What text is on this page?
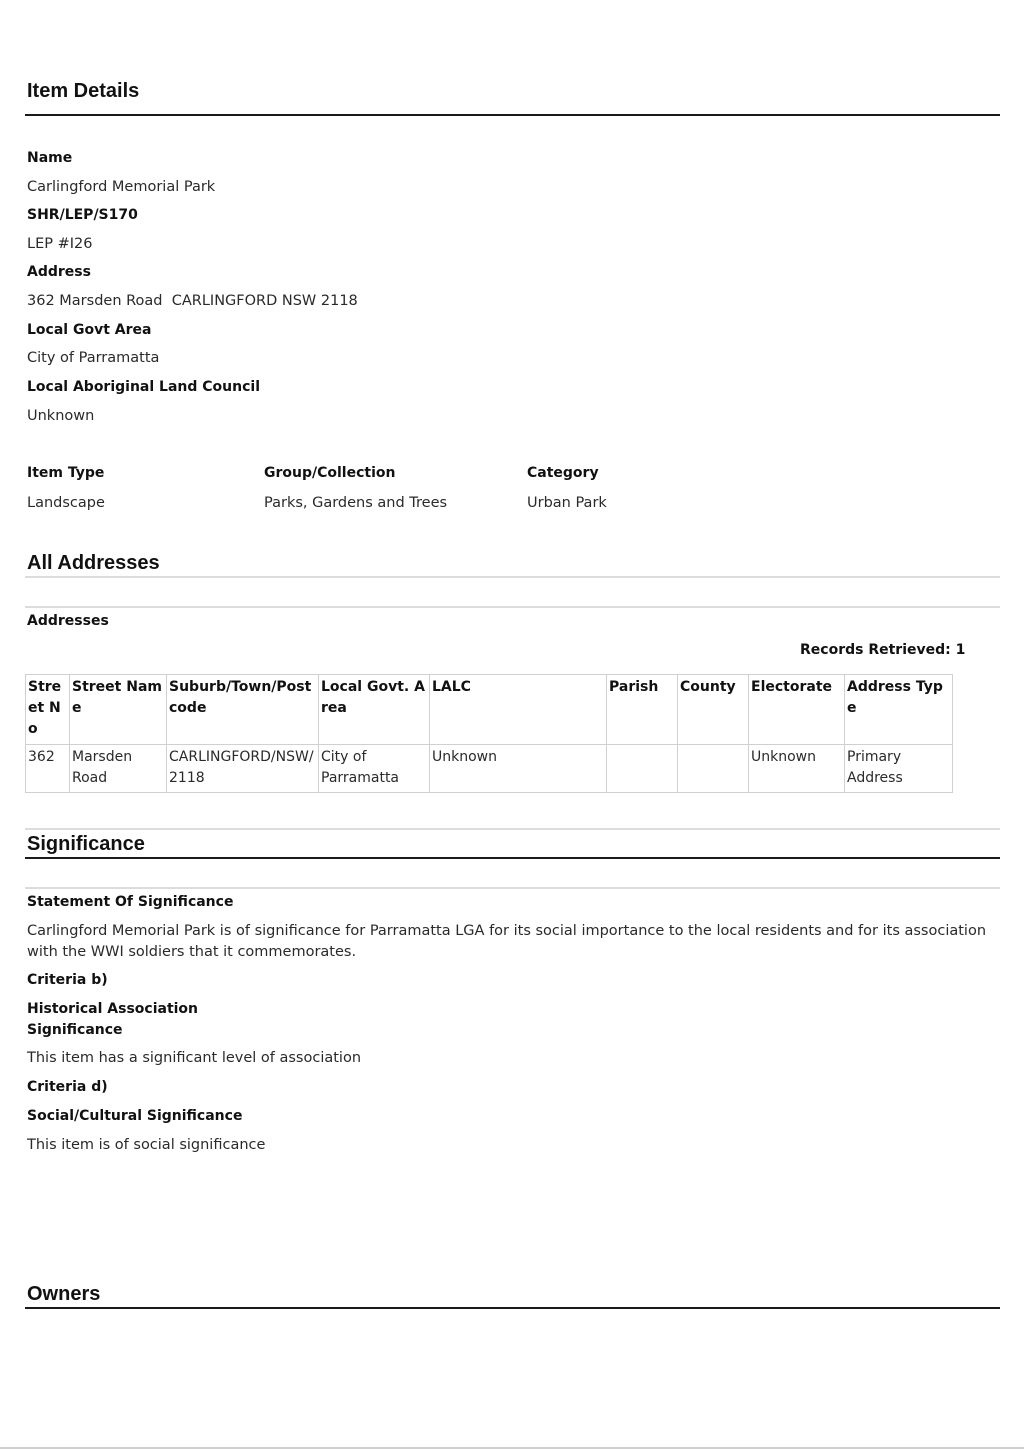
Item Details
Name
Carlingford Memorial Park
SHR/LEP/S170
LEP #I26
Address
362 Marsden Road  CARLINGFORD NSW 2118
Local Govt Area
City of Parramatta
Local Aboriginal Land Council
Unknown
Item Type
Landscape
Group/Collection
Parks, Gardens and Trees
Category
Urban Park
All Addresses
Addresses
Records Retrieved: 1
Street No	Street Name	Suburb/Town/Postcode	Local Govt. Area	LALC	Parish	County	Electorate	Address Type
362	Marsden Road	CARLINGFORD/NSW/2118	City of Parramatta	Unknown			Unknown	Primary Address
Significance
Statement Of Significance
Carlingford Memorial Park is of significance for Parramatta LGA for its social importance to the local residents and for its association with the WWI soldiers that it commemorates.
Criteria b)
Historical Association
Significance
This item has a significant level of association
Criteria d)
Social/Cultural Significance
This item is of social significance
Owners
